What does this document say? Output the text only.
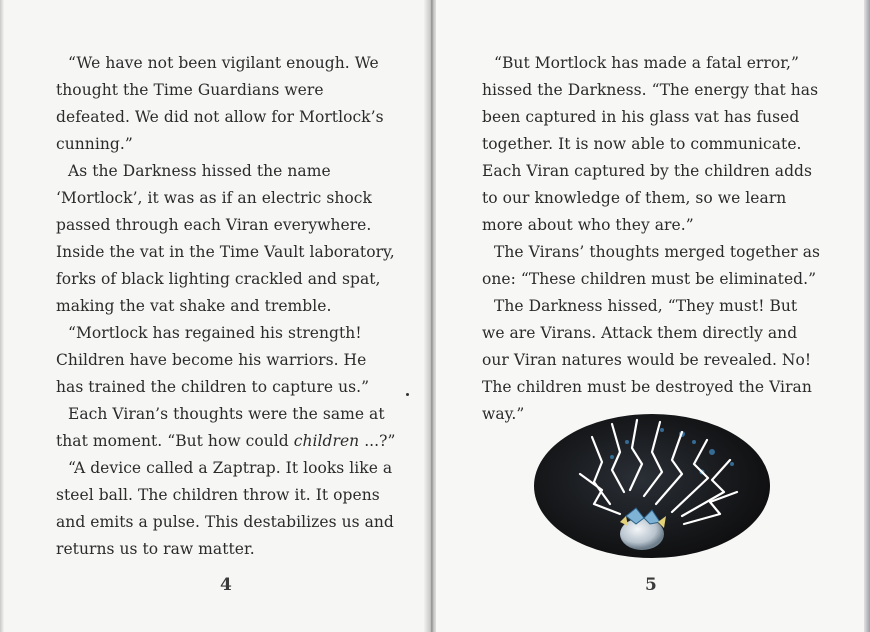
“We have not been vigilant enough. We thought the Time Guardians were defeated. We did not allow for Mortlock’s cunning.”

As the Darkness hissed the name ‘Mortlock’, it was as if an electric shock passed through each Viran everywhere. Inside the vat in the Time Vault laboratory, forks of black lighting crackled and spat, making the vat shake and tremble.

“Mortlock has regained his strength! Children have become his warriors. He has trained the children to capture us.”

Each Viran’s thoughts were the same at that moment. “But how could children ...?”

“A device called a Zaptrap. It looks like a steel ball. The children throw it. It opens and emits a pulse. This destabilizes us and returns us to raw matter.

4

“But Mortlock has made a fatal error,” hissed the Darkness. “The energy that has been captured in his glass vat has fused together. It is now able to communicate. Each Viran captured by the children adds to our knowledge of them, so we learn more about who they are.”

The Virans’ thoughts merged together as one: “These children must be eliminated.”

The Darkness hissed, “They must! But we are Virans. Attack them directly and our Viran natures would be revealed. No! The children must be destroyed the Viran way.”

5
